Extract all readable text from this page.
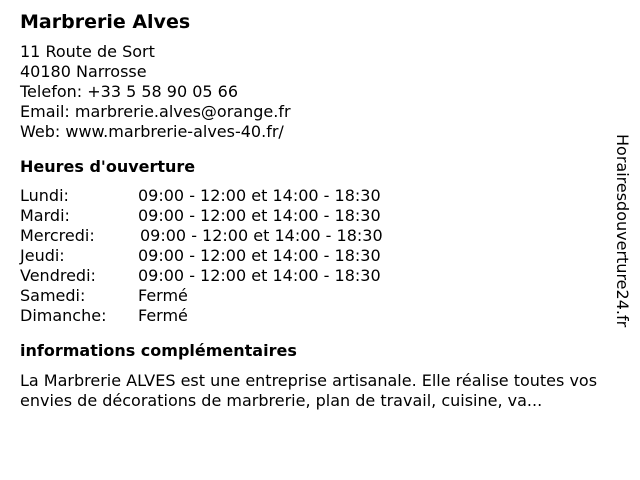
Marbrerie Alves
11 Route de Sort
40180 Narrosse
Telefon: +33 5 58 90 05 66
Email: marbrerie.alves@orange.fr
Web: www.marbrerie-alves-40.fr/
Heures d'ouverture
Lundi:	09:00 - 12:00 et 14:00 - 18:30
Mardi:	09:00 - 12:00 et 14:00 - 18:30
Mercredi:	09:00 - 12:00 et 14:00 - 18:30
Jeudi:	09:00 - 12:00 et 14:00 - 18:30
Vendredi:	09:00 - 12:00 et 14:00 - 18:30
Samedi:	Fermé
Dimanche:	Fermé
informations complémentaires
La Marbrerie ALVES est une entreprise artisanale. Elle réalise toutes vos envies de décorations de marbrerie, plan de travail, cuisine, va...
Horairesdouverture24.fr
